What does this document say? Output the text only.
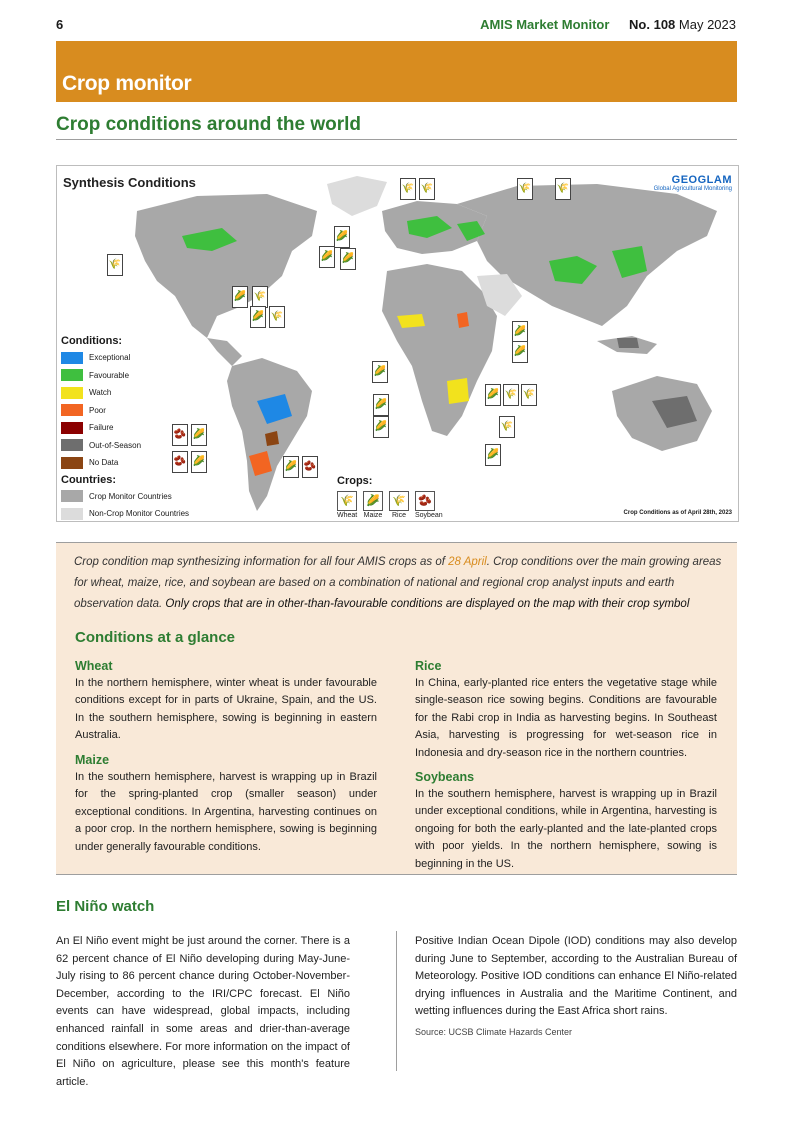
6	AMIS Market Monitor No. 108 May 2023
Crop monitor
Crop conditions around the world
Synthesis Conditions	GEOGLAM
Global Agricultural Monitoring
🌾 🌾	🌾	🌾
🌾
🌽
🌽 🌽
🌽 🌾
🌽 🌾
🌽
🌽
🌽
🌽 🌾 🌾
🌽
🌽	🌾
🌽
🫘 🌽
🫘 🌽	🌽 🫘
Conditions:
Exceptional
Favourable
Watch
Poor
Failure
Out-of-Season
No Data
Countries:
Crop Monitor Countries
Non-Crop Monitor Countries
Crops:
🌾
Wheat
🌽
Maize
🌾
Rice
🫘
Soybean	Crop Conditions as of April 28th, 2023
Crop condition map synthesizing information for all four AMIS crops as of 28 April. Crop conditions over the main growing areas for wheat, maize, rice, and soybean are based on a combination of national and regional crop analyst inputs and earth observation data. Only crops that are in other-than-favourable conditions are displayed on the map with their crop symbol
Conditions at a glance
Wheat
In the northern hemisphere, winter wheat is under favourable conditions except for in parts of Ukraine, Spain, and the US. In the southern hemisphere, sowing is beginning in eastern Australia.
Maize
In the southern hemisphere, harvest is wrapping up in Brazil for the spring-planted crop (smaller season) under exceptional conditions. In Argentina, harvesting continues on a poor crop. In the northern hemisphere, sowing is beginning under generally favourable conditions.
Rice
In China, early-planted rice enters the vegetative stage while single-season rice sowing begins. Conditions are favourable for the Rabi crop in India as harvesting begins. In Southeast Asia, harvesting is progressing for wet-season rice in Indonesia and dry-season rice in the northern countries.
Soybeans
In the southern hemisphere, harvest is wrapping up in Brazil under exceptional conditions, while in Argentina, harvesting is ongoing for both the early-planted and the late-planted crops with poor yields. In the northern hemisphere, sowing is beginning in the US.
El Niño watch
An El Niño event might be just around the corner. There is a 62 percent chance of El Niño developing during May-June-July rising to 86 percent chance during October-November-December, according to the IRI/CPC forecast. El Niño events can have widespread, global impacts, including enhanced rainfall in some areas and drier-than-average conditions elsewhere. For more information on the impact of El Niño on agriculture, please see this month's feature article.
Positive Indian Ocean Dipole (IOD) conditions may also develop during June to September, according to the Australian Bureau of Meteorology. Positive IOD conditions can enhance El Niño-related drying influences in Australia and the Maritime Continent, and wetting influences during the East Africa short rains.
Source: UCSB Climate Hazards Center
